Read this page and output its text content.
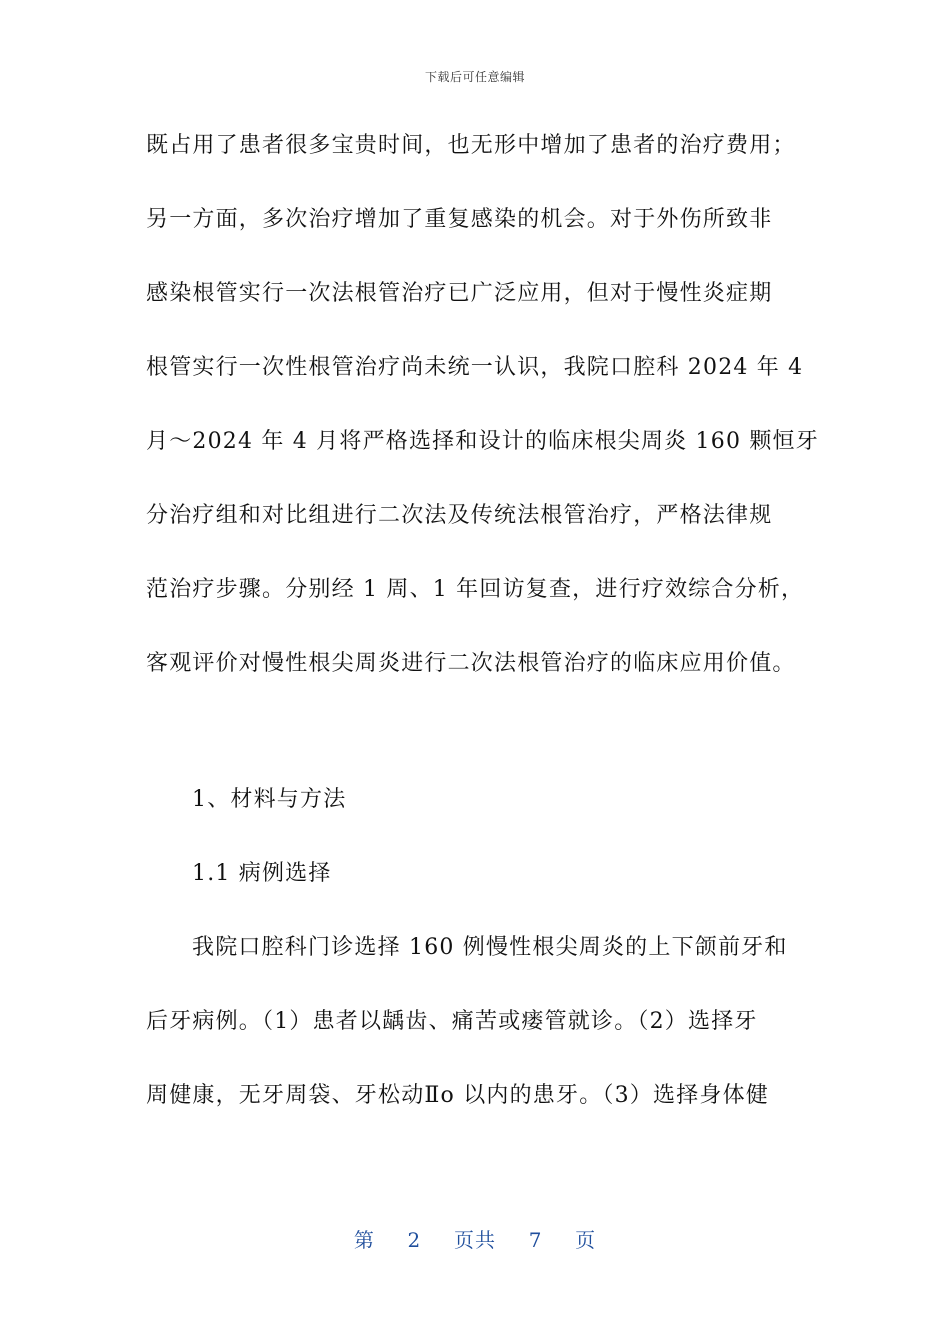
下载后可任意编辑
既占用了患者很多宝贵时间，也无形中增加了患者的治疗费用；
另一方面，多次治疗增加了重复感染的机会。对于外伤所致非
感染根管实行一次法根管治疗已广泛应用，但对于慢性炎症期
根管实行一次性根管治疗尚未统一认识，我院口腔科 2024 年 4
月～2024 年 4 月将严格选择和设计的临床根尖周炎 160 颗恒牙
分治疗组和对比组进行二次法及传统法根管治疗，严格法律规
范治疗步骤。分别经 1 周、1 年回访复查，进行疗效综合分析，
客观评价对慢性根尖周炎进行二次法根管治疗的临床应用价值。
1、材料与方法
1.1 病例选择
我院口腔科门诊选择 160 例慢性根尖周炎的上下颌前牙和
后牙病例。（1）患者以龋齿、痛苦或瘘管就诊。（2）选择牙
周健康，无牙周袋、牙松动Ⅱo 以内的患牙。（3）选择身体健
第 2 页共 7 页
